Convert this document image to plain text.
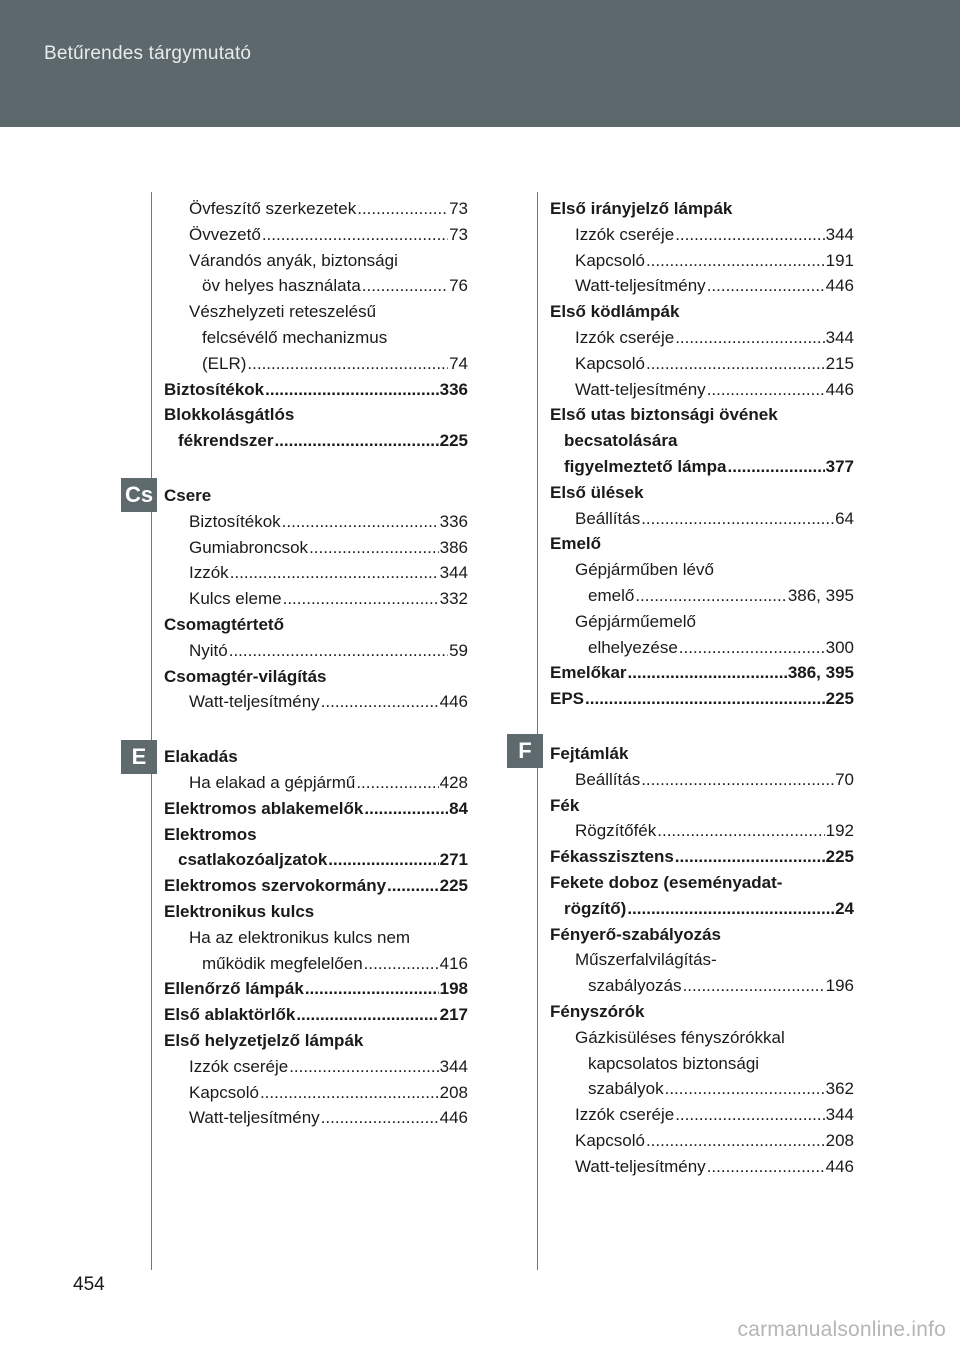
Betűrendes tárgymutató
Cs
E	F
Övfeszítő szerkezetek .....	73
Övvezető .....	73
Várandós anyák, biztonsági
öv helyes használata .....	76
Vészhelyzeti reteszelésű
felcsévélő mechanizmus
(ELR) .....	74
Biztosítékok .....	336
Blokkolásgátlós
fékrendszer .....	225
Csere
Biztosítékok .....	336
Gumiabroncsok .....	386
Izzók .....	344
Kulcs eleme .....	332
Csomagtértető
Nyitó .....	59
Csomagtér-világítás
Watt-teljesítmény .....	446
Elakadás
Ha elakad a gépjármű .....	428
Elektromos ablakemelők .....	84
Elektromos
csatlakozóaljzatok .....	271
Elektromos szervokormány .....	225
Elektronikus kulcs
Ha az elektronikus kulcs nem
működik megfelelően .....	416
Ellenőrző lámpák .....	198
Első ablaktörlők .....	217
Első helyzetjelző lámpák
Izzók cseréje .....	344
Kapcsoló .....	208
Watt-teljesítmény .....	446
Első irányjelző lámpák
Izzók cseréje .....	344
Kapcsoló .....	191
Watt-teljesítmény .....	446
Első ködlámpák
Izzók cseréje .....	344
Kapcsoló .....	215
Watt-teljesítmény .....	446
Első utas biztonsági övének
becsatolására
figyelmeztető lámpa .....	377
Első ülések
Beállítás .....	64
Emelő
Gépjárműben lévő
emelő .....	386, 395
Gépjárműemelő
elhelyezése .....	300
Emelőkar .....	386, 395
EPS .....	225
Fejtámlák
Beállítás .....	70
Fék
Rögzítőfék .....	192
Fékasszisztens .....	225
Fekete doboz (eseményadat-
rögzítő) .....	24
Fényerő-szabályozás
Műszerfalvilágítás-
szabályozás .....	196
Fényszórók
Gázkisüléses fényszórókkal
kapcsolatos biztonsági
szabályok .....	362
Izzók cseréje .....	344
Kapcsoló .....	208
Watt-teljesítmény .....	446
454
carmanualsonline.info
